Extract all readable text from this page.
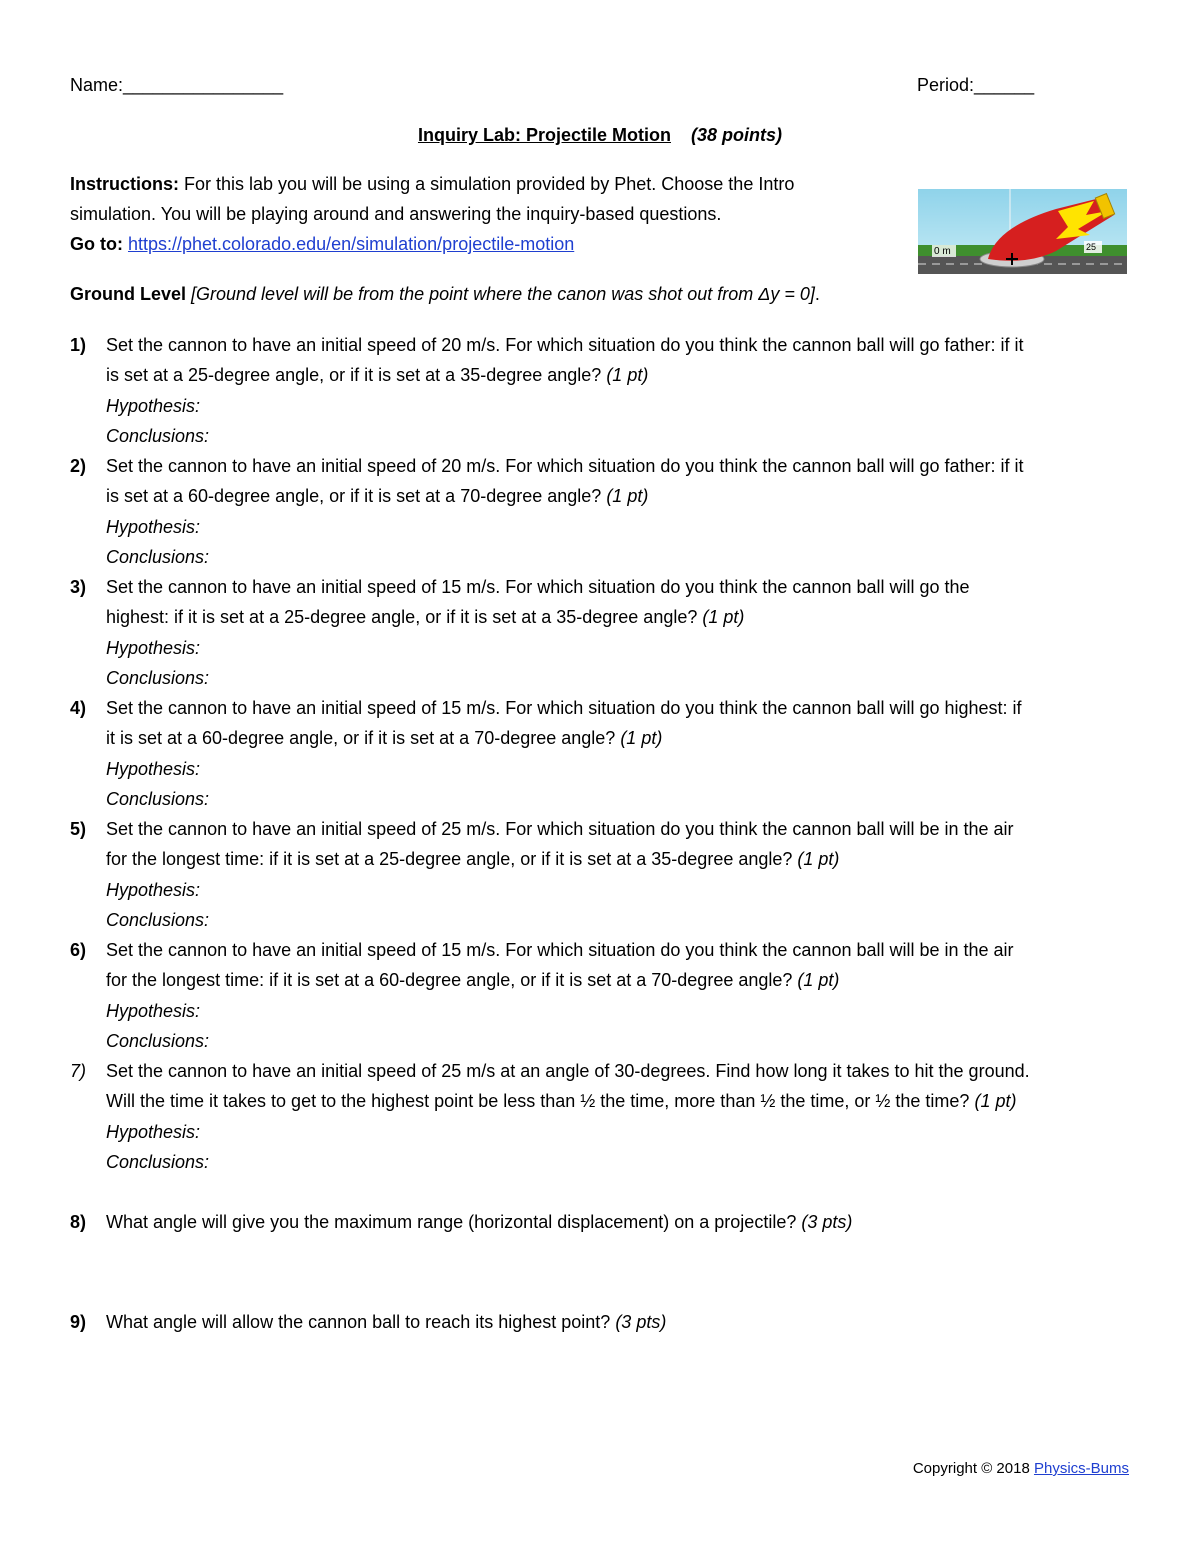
Name:________________	Period:______
Inquiry Lab: Projectile Motion (38 points)
Instructions: For this lab you will be using a simulation provided by Phet. Choose the Intro
simulation. You will be playing around and answering the inquiry-based questions.
Go to: https://phet.colorado.edu/en/simulation/projectile-motion	0 m	25
Ground Level [Ground level will be from the point where the canon was shot out from Δy = 0].
1) Set the cannon to have an initial speed of 20 m/s. For which situation do you think the cannon ball will go father: if it
is set at a 25-degree angle, or if it is set at a 35-degree angle? (1 pt)
Hypothesis:
Conclusions:
2) Set the cannon to have an initial speed of 20 m/s. For which situation do you think the cannon ball will go father: if it
is set at a 60-degree angle, or if it is set at a 70-degree angle? (1 pt)
Hypothesis:
Conclusions:
3) Set the cannon to have an initial speed of 15 m/s. For which situation do you think the cannon ball will go the
highest: if it is set at a 25-degree angle, or if it is set at a 35-degree angle? (1 pt)
Hypothesis:
Conclusions:
4) Set the cannon to have an initial speed of 15 m/s. For which situation do you think the cannon ball will go highest: if
it is set at a 60-degree angle, or if it is set at a 70-degree angle? (1 pt)
Hypothesis:
Conclusions:
5) Set the cannon to have an initial speed of 25 m/s. For which situation do you think the cannon ball will be in the air
for the longest time: if it is set at a 25-degree angle, or if it is set at a 35-degree angle? (1 pt)
Hypothesis:
Conclusions:
6) Set the cannon to have an initial speed of 15 m/s. For which situation do you think the cannon ball will be in the air
for the longest time: if it is set at a 60-degree angle, or if it is set at a 70-degree angle? (1 pt)
Hypothesis:
Conclusions:
7) Set the cannon to have an initial speed of 25 m/s at an angle of 30-degrees. Find how long it takes to hit the ground.
Will the time it takes to get to the highest point be less than ½ the time, more than ½ the time, or ½ the time? (1 pt)
Hypothesis:
Conclusions:
8) What angle will give you the maximum range (horizontal displacement) on a projectile? (3 pts)
9) What angle will allow the cannon ball to reach its highest point? (3 pts)
Copyright © 2018 Physics-Bums
